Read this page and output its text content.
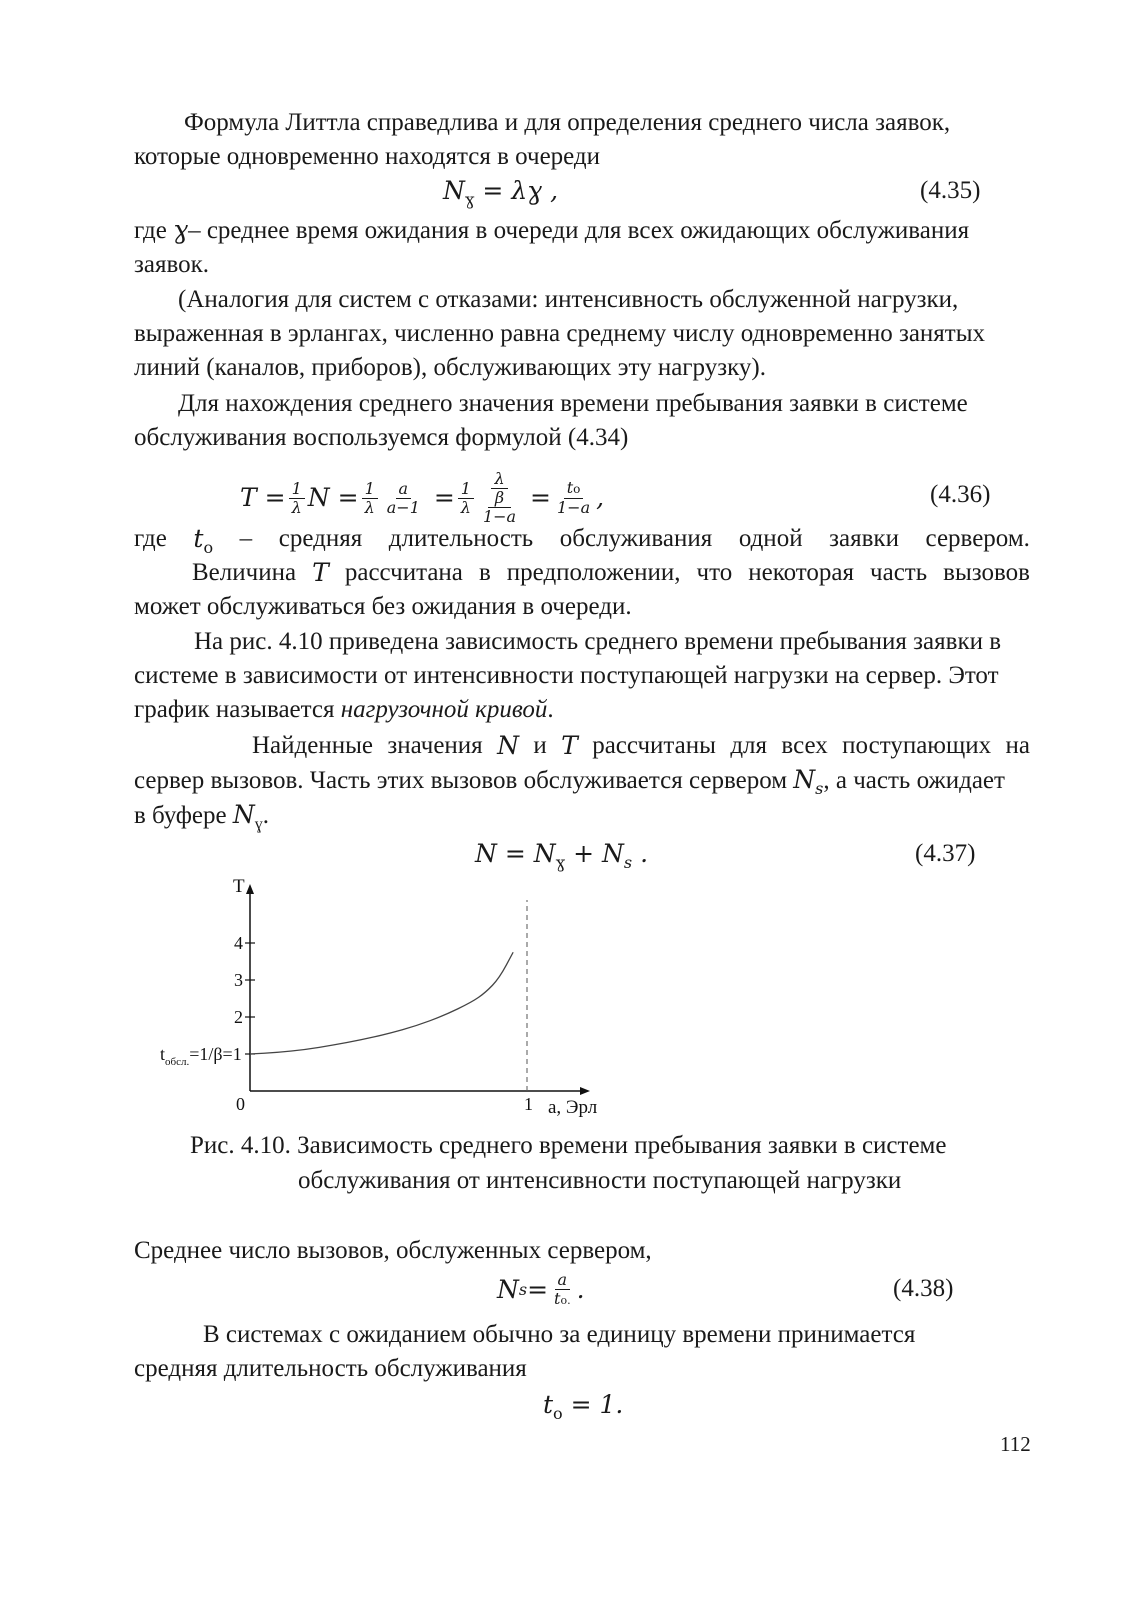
Формула Литтла справедлива и для определения среднего числа заявок,
которые одновременно находятся в очереди
$N_ɣ$ = λɣ ,	(4.35)
где ɣ– среднее время ожидания в очереди для всех ожидающих обслуживания
заявок.
(Аналогия для систем с отказами: интенсивность обслуженной нагрузки,
выраженная в эрлангах, численно равна среднему числу одновременно занятых
линий (каналов, приборов), обслуживающих эту нагрузку).
Для нахождения среднего значения времени пребывания заявки в системе
обслуживания воспользуемся формулой (4.34)
T
= $\frac{1}{\lambda}$ N
= $\frac{1}{\lambda} \frac{a}{a-1}$
= $\frac{1}{\lambda} \frac{\frac{\lambda}{\beta}}{1-a}$
= $\frac{tо}{1-a}$ ,	(4.36)
где $t_о$ – средняя длительность обслуживания одной заявки сервером.
Величина T рассчитана в предположении, что некоторая часть вызовов
может обслуживаться без ожидания в очереди.
На рис. 4.10 приведена зависимость среднего времени пребывания заявки в
системе в зависимости от интенсивности поступающей нагрузки на сервер. Этот
график называется нагрузочной кривой.
Найденные значения N и T рассчитаны для всех поступающих на
сервер вызовов. Часть этих вызовов обслуживается сервером $N_s$, а часть ожидает
в буфере $N_ɣ$.
$N = N_ɣ + N_s$ .	(4.37)
2
3
4
1
T
a, Эрл
0
$t_{обсл.}=1/\beta=1$
Рис. 4.10. Зависимость среднего времени пребывания заявки в системе
обслуживания от интенсивности поступающей нагрузки
Среднее число вызовов, обслуженных сервером,
N $s = \frac{a}{tо.}$ .	(4.38)
В системах с ожиданием обычно за единицу времени принимается
средняя длительность обслуживания
$t_о = 1$.
112
